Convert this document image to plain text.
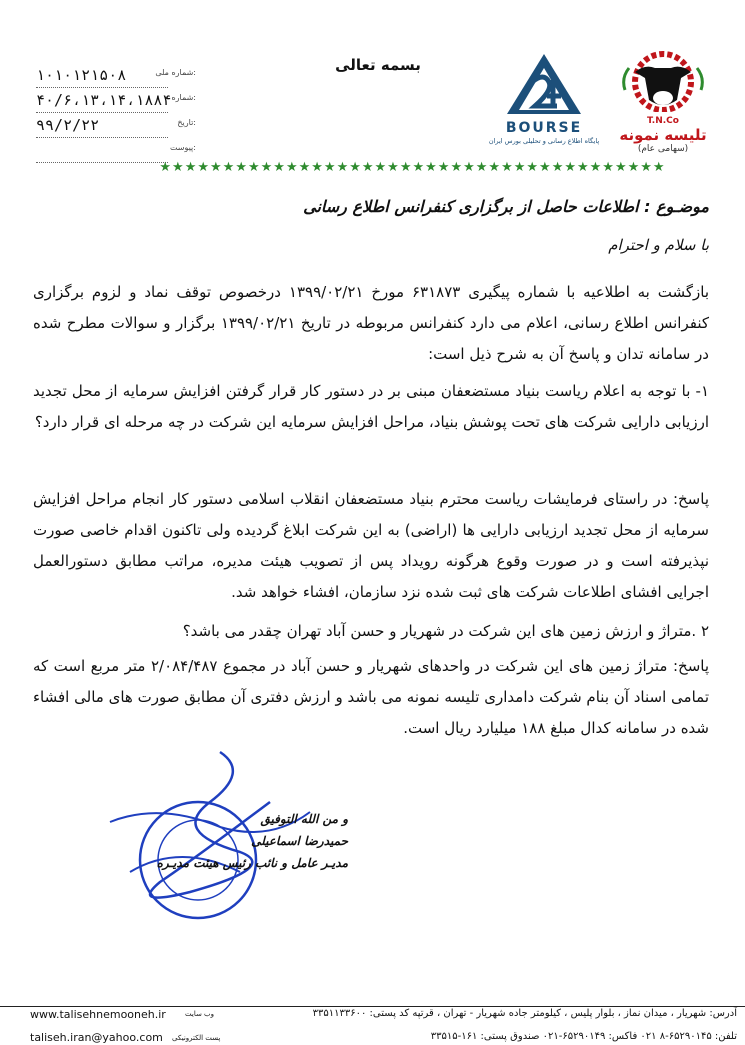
بسمه تعالی
۱۰۱۰۱۲۱۵۰۸	شماره ملی:
۴۰/۶،۱۳،۱۴،۱۸۸۴ شماره:
۹۹/۲/۲۲	تاریخ:
پیوست:
BOURSE
پایگاه اطلاع رسانی و تحلیلی بورس ایران
T.N.Co
تلیسه نمونه
(سهامی عام)
★★★★★★★★★★★★★★★★★★★★★★★★★★★★★★★★★★★★★★★★
موضـوع : اطلاعات حاصل از برگزاری کنفرانس اطلاع رسانی
با سلام و احترام
بازگشت به اطلاعیه با شماره پیگیری ۶۳۱۸۷۳ مورخ ۱۳۹۹/۰۲/۲۱ درخصوص توقف نماد و لزوم برگزاری کنفرانس اطلاع رسانی، اعلام می دارد کنفرانس مربوطه در تاریخ ۱۳۹۹/۰۲/۲۱ برگزار و سوالات مطرح شده در سامانه تدان و پاسخ آن به شرح ذیل است:
۱- با توجه به اعلام ریاست بنیاد مستضعفان مبنی بر در دستور کار قرار گرفتن افزایش سرمایه از محل تجدید ارزیابی دارایی شرکت های تحت پوشش بنیاد، مراحل افزایش سرمایه این شرکت در چه مرحله ای قرار دارد؟
پاسخ: در راستای فرمایشات ریاست محترم بنیاد مستضعفان انقلاب اسلامی دستور کار انجام مراحل افزایش سرمایه از محل تجدید ارزیابی دارایی ها (اراضی) به این شرکت ابلاغ گردیده ولی تاکنون اقدام خاصی صورت نپذیرفته است و در صورت وقوع هرگونه رویداد پس از تصویب هیئت مدیره، مراتب مطابق دستورالعمل اجرایی افشای اطلاعات شرکت های ثبت شده نزد سازمان، افشاء خواهد شد.
۲ .متراژ و ارزش زمین های این شرکت در شهریار و حسن آباد تهران چقدر می باشد؟
پاسخ: متراژ زمین های این شرکت در واحدهای شهریار و حسن آباد در مجموع ۲/۰۸۴/۴۸۷ متر مربع است که تمامی اسناد آن بنام شرکت دامداری تلیسه نمونه می باشد و ارزش دفتری آن مطابق صورت های مالی افشاء شده در سامانه کدال مبلغ ۱۸۸ میلیارد ریال است.
و من الله التوفیق
حمیدرضا اسماعیلی
مدیـر عامل و نائب رئیس هیئت مدیـره
آدرس: شهریار ، میدان نماز ، بلوار پلیس ، کیلومتر جاده شهریار - تهران ، قرتپه کد پستی: ۳۳۵۱۱۳۳۶۰۰
تلفن: ۶۵۲۹۰۱۴۵-۸ ۰۲۱ فاکس: ۶۵۲۹۰۱۴۹-۰۲۱ صندوق پستی: ۱۶۱-۳۳۵۱۵
www.talisehnemooneh.ir
taliseh.iran@yahoo.com
وب سایت
پست الکترونیکی
